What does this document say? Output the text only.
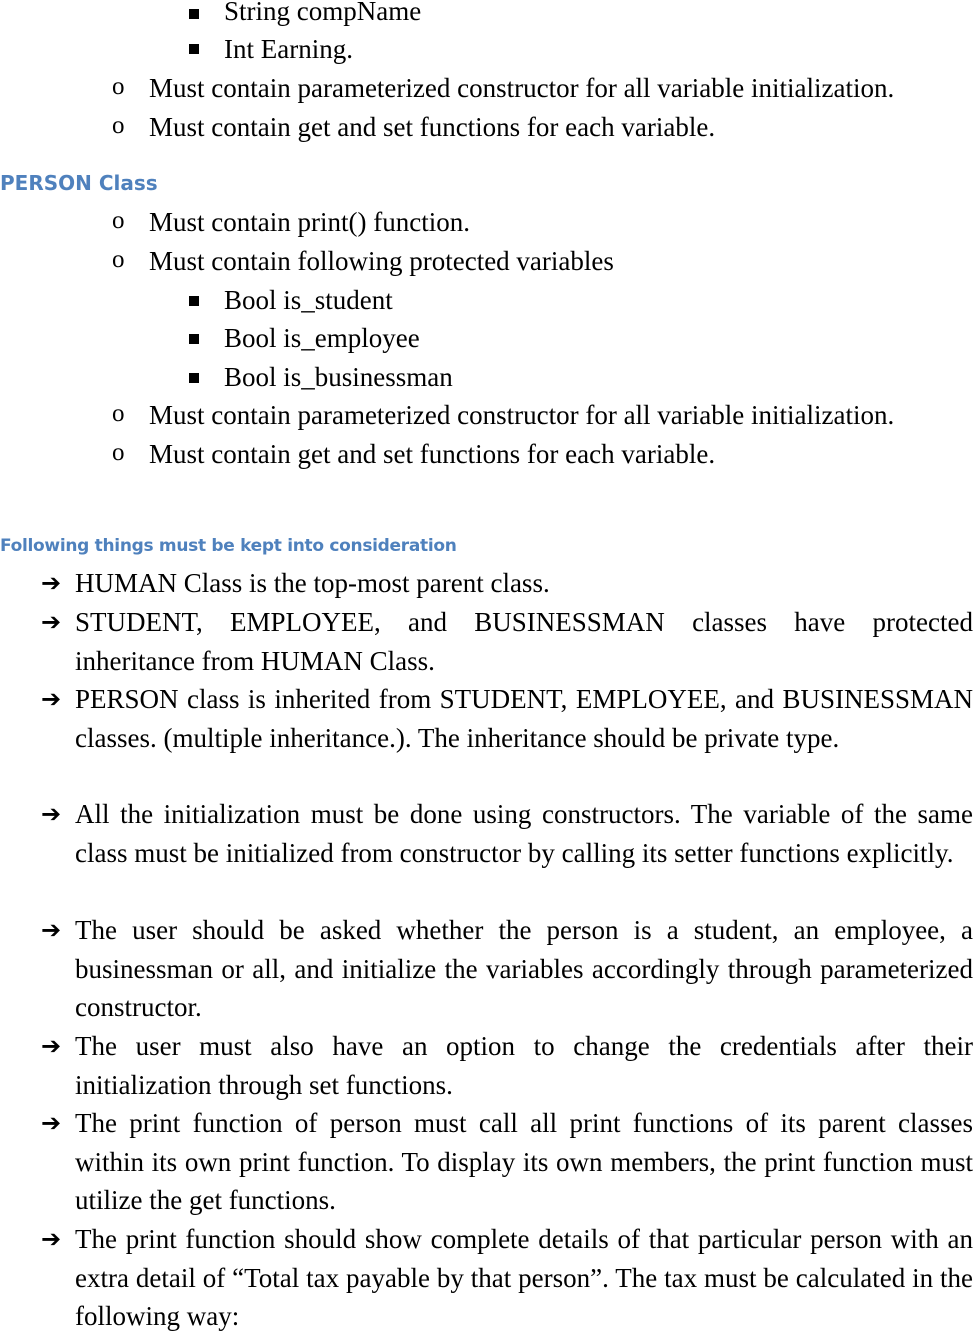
String compName
Int Earning.
o Must contain parameterized constructor for all variable initialization.
o Must contain get and set functions for each variable.
PERSON Class
o Must contain print() function.
o Must contain following protected variables
Bool is_student
Bool is_employee
Bool is_businessman
o Must contain parameterized constructor for all variable initialization.
o Must contain get and set functions for each variable.
Following things must be kept into consideration
➔ HUMAN Class is the top-most parent class.
➔ STUDENT, EMPLOYEE, and BUSINESSMAN classes have protected inheritance from HUMAN Class.
➔ PERSON class is inherited from STUDENT, EMPLOYEE, and BUSINESSMAN classes. (multiple inheritance.). The inheritance should be private type.
➔ All the initialization must be done using constructors. The variable of the same class must be initialized from constructor by calling its setter functions explicitly.
➔ The user should be asked whether the person is a student, an employee, a businessman or all, and initialize the variables accordingly through parameterized constructor.
➔ The user must also have an option to change the credentials after their initialization through set functions.
➔ The print function of person must call all print functions of its parent classes within its own print function. To display its own members, the print function must utilize the get functions.
➔ The print function should show complete details of that particular person with an extra detail of “Total tax payable by that person”. The tax must be calculated in the following way:
